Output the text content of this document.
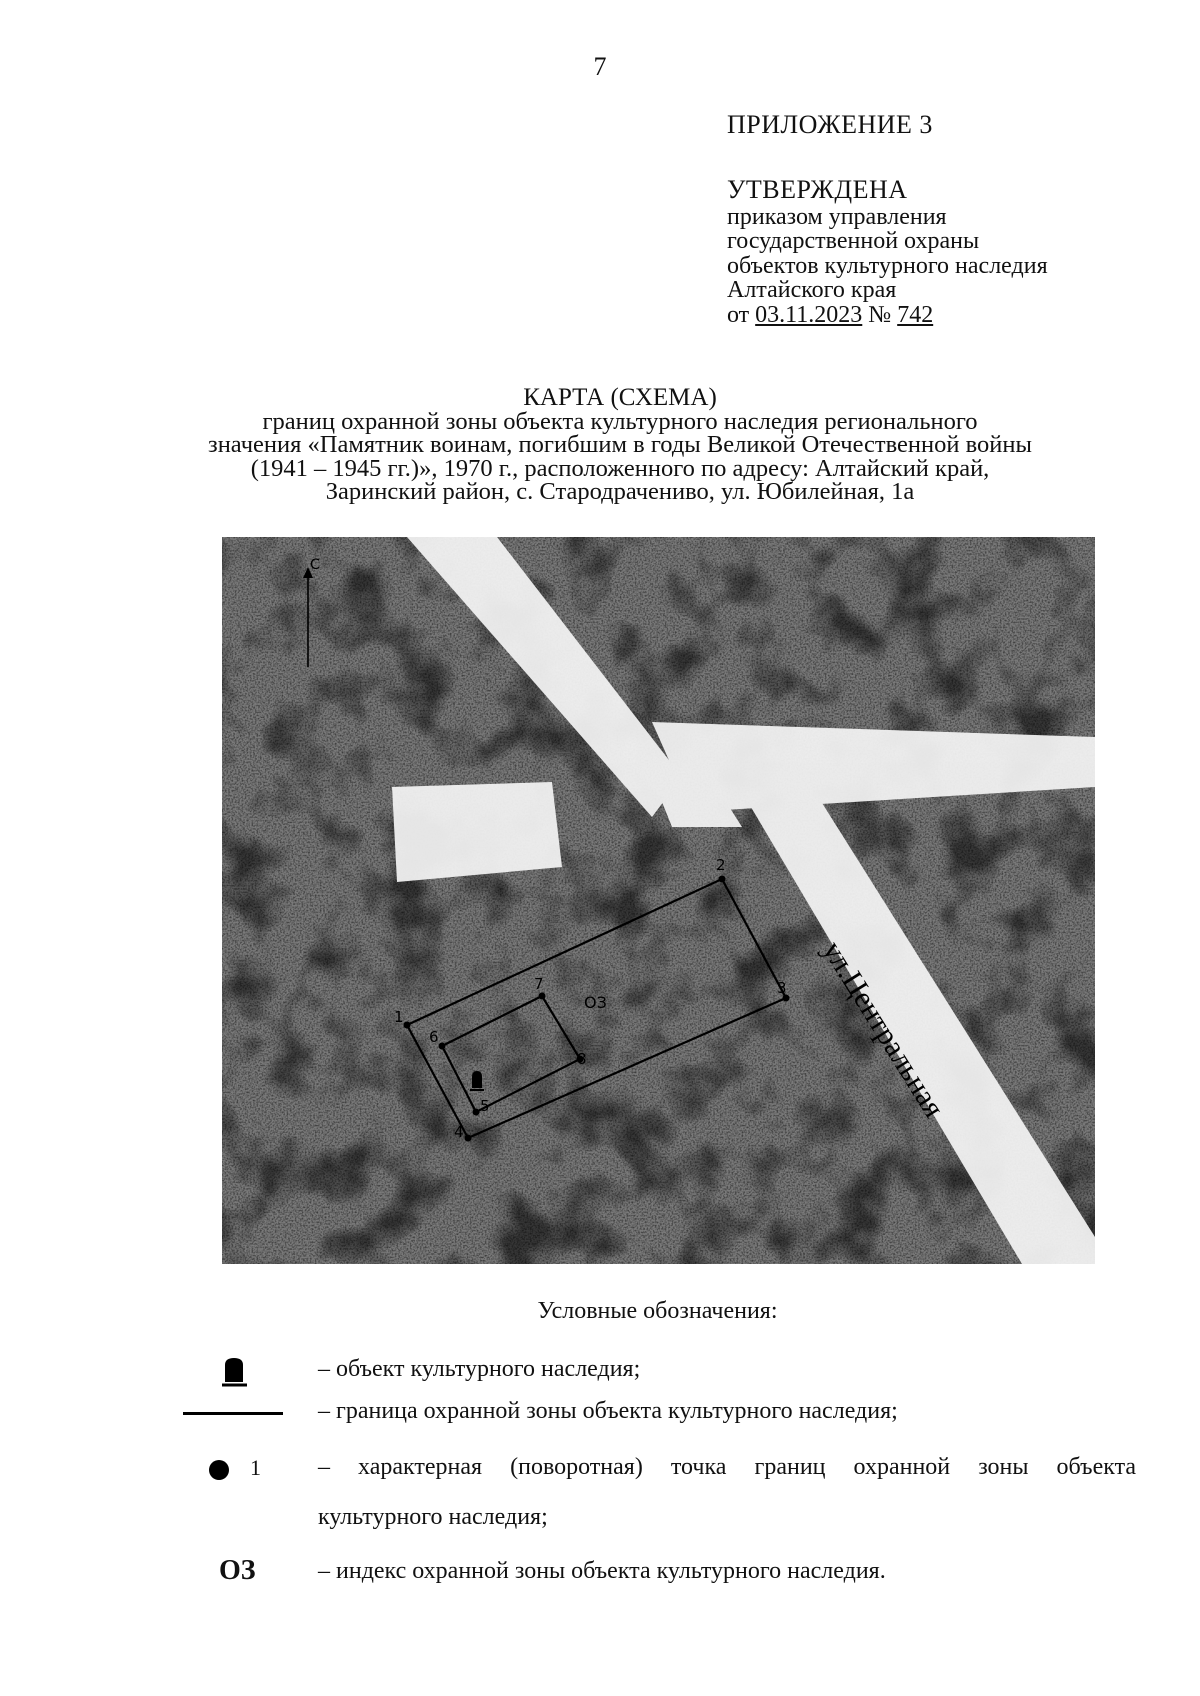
7
ПРИЛОЖЕНИЕ 3
УТВЕРЖДЕНА
приказом управления
государственной охраны
объектов культурного наследия
Алтайского края
от 03.11.2023 № 742
КАРТА (СХЕМА)
границ охранной зоны объекта культурного наследия регионального
значения «Памятник воинам, погибшим в годы Великой Отечественной войны
(1941 – 1945 гг.)», 1970 г., расположенного по адресу: Алтайский край,
Заринский район, с. Стародрачениво, ул. Юбилейная, 1а
С
1
2
3
4
5
6
7
8
ОЗ	ул.Центральная
Условные обозначения:
– объект культурного наследия;
– граница охранной зоны объекта культурного наследия;
1 – характерная (поворотная) точка границ охранной зоны объекта
культурного наследия;
ОЗ	– индекс охранной зоны объекта культурного наследия.
